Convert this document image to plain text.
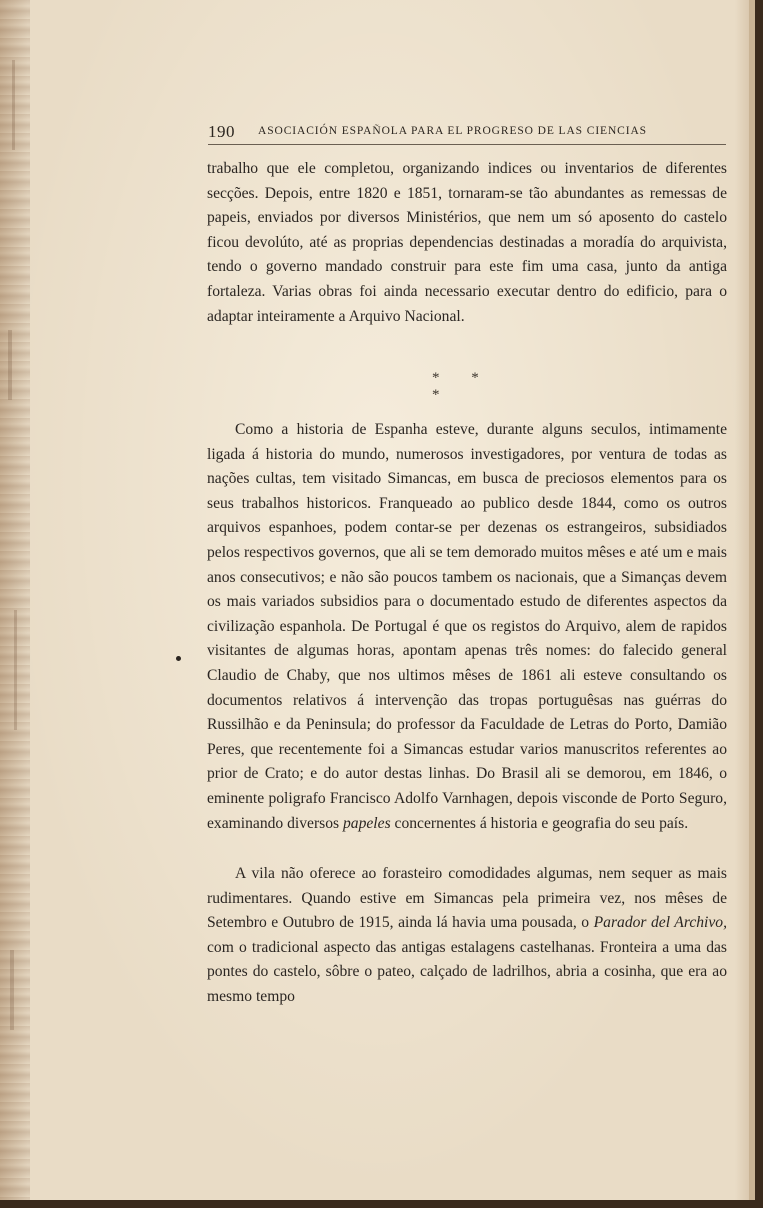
190 ASOCIACIÓN ESPAÑOLA PARA EL PROGRESO DE LAS CIENCIAS
trabalho que ele completou, organizando indices ou inventarios de diferentes secções. Depois, entre 1820 e 1851, tornaram-se tão abundantes as remessas de papeis, enviados por diversos Ministérios, que nem um só aposento do castelo ficou devolúto, até as proprias dependencias destinadas a moradía do arquivista, tendo o governo mandado construir para este fim uma casa, junto da antiga fortaleza. Varias obras foi ainda necessario executar dentro do edificio, para o adaptar inteiramente a Arquivo Nacional.
* * *
Como a historia de Espanha esteve, durante alguns seculos, intimamente ligada á historia do mundo, numerosos investigadores, por ventura de todas as nações cultas, tem visitado Simancas, em busca de preciosos elementos para os seus trabalhos historicos. Franqueado ao publico desde 1844, como os outros arquivos espanhoes, podem contar-se per dezenas os estrangeiros, subsidiados pelos respectivos governos, que ali se tem demorado muitos mêses e até um e mais anos consecutivos; e não são poucos tambem os nacionais, que a Simanças devem os mais variados subsidios para o documentado estudo de diferentes aspectos da civilização espanhola. De Portugal é que os registos do Arquivo, alem de rapidos visitantes de algumas horas, apontam apenas três nomes: do falecido general Claudio de Chaby, que nos ultimos mêses de 1861 ali esteve consultando os documentos relativos á intervenção das tropas portuguêsas nas guérras do Russilhão e da Peninsula; do professor da Faculdade de Letras do Porto, Damião Peres, que recentemente foi a Simancas estudar varios manuscritos referentes ao prior de Crato; e do autor destas linhas. Do Brasil ali se demorou, em 1846, o eminente poligrafo Francisco Adolfo Varnhagen, depois visconde de Porto Seguro, examinando diversos papeles concernentes á historia e geografia do seu país.
A vila não oferece ao forasteiro comodidades algumas, nem sequer as mais rudimentares. Quando estive em Simancas pela primeira vez, nos mêses de Setembro e Outubro de 1915, ainda lá havia uma pousada, o Parador del Archivo, com o tradicional aspecto das antigas estalagens castelhanas. Fronteira a uma das pontes do castelo, sôbre o pateo, calçado de ladrilhos, abria a cosinha, que era ao mesmo tempo
